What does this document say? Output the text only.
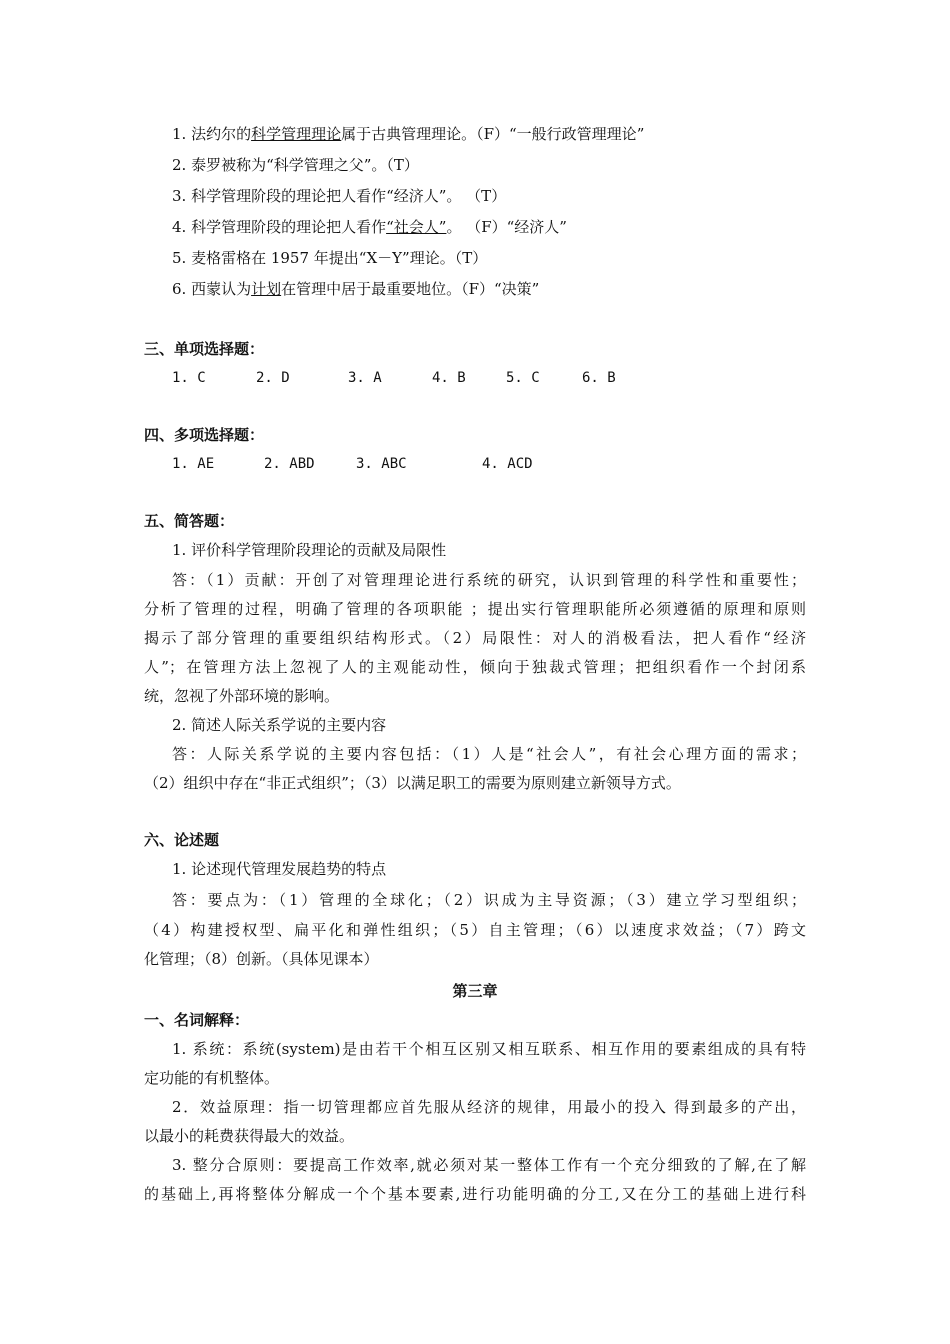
1. 法约尔的科学管理理论属于古典管理理论。（F）“一般行政管理理论”
2. 泰罗被称为“科学管理之父”。（T）
3. 科学管理阶段的理论把人看作“经济人”。 （T）
4. 科学管理阶段的理论把人看作“社会人”。 （F）“经济人”
5. 麦格雷格在 1957 年提出“X－Y”理论。（T）
6. 西蒙认为计划在管理中居于最重要地位。（F）“决策”
三、单项选择题：
1. C	2. D	3. A	4. B	5. C	6. B
四、多项选择题：
1. AE	2. ABD	3. ABC	4. ACD
五、简答题：
1. 评价科学管理阶段理论的贡献及局限性
答：（1）贡献：开创了对管理理论进行系统的研究，认识到管理的科学性和重要性；
分析了管理的过程，明确了管理的各项职能 ；提出实行管理职能所必须遵循的原理和原则
揭示了部分管理的重要组织结构形式。（2）局限性：对人的消极看法，把人看作“经济
人”；在管理方法上忽视了人的主观能动性，倾向于独裁式管理；把组织看作一个封闭系
统，忽视了外部环境的影响。
2. 简述人际关系学说的主要内容
答：人际关系学说的主要内容包括：（1）人是“社会人”，有社会心理方面的需求；
（2）组织中存在“非正式组织”；（3）以满足职工的需要为原则建立新领导方式。
六、论述题
1. 论述现代管理发展趋势的特点
答：要点为：（1）管理的全球化；（2）识成为主导资源；（3）建立学习型组织；
（4）构建授权型、扁平化和弹性组织；（5）自主管理；（6）以速度求效益；（7）跨文
化管理；（8）创新。（具体见课本）
第三章
一、名词解释：
1. 系统：系统(system)是由若干个相互区别又相互联系、相互作用的要素组成的具有特
定功能的有机整体。
2．效益原理：指一切管理都应首先服从经济的规律，用最小的投入 得到最多的产出，
以最小的耗费获得最大的效益。
3. 整分合原则：要提高工作效率,就必须对某一整体工作有一个充分细致的了解,在了解
的基础上,再将整体分解成一个个基本要素,进行功能明确的分工,又在分工的基础上进行科
